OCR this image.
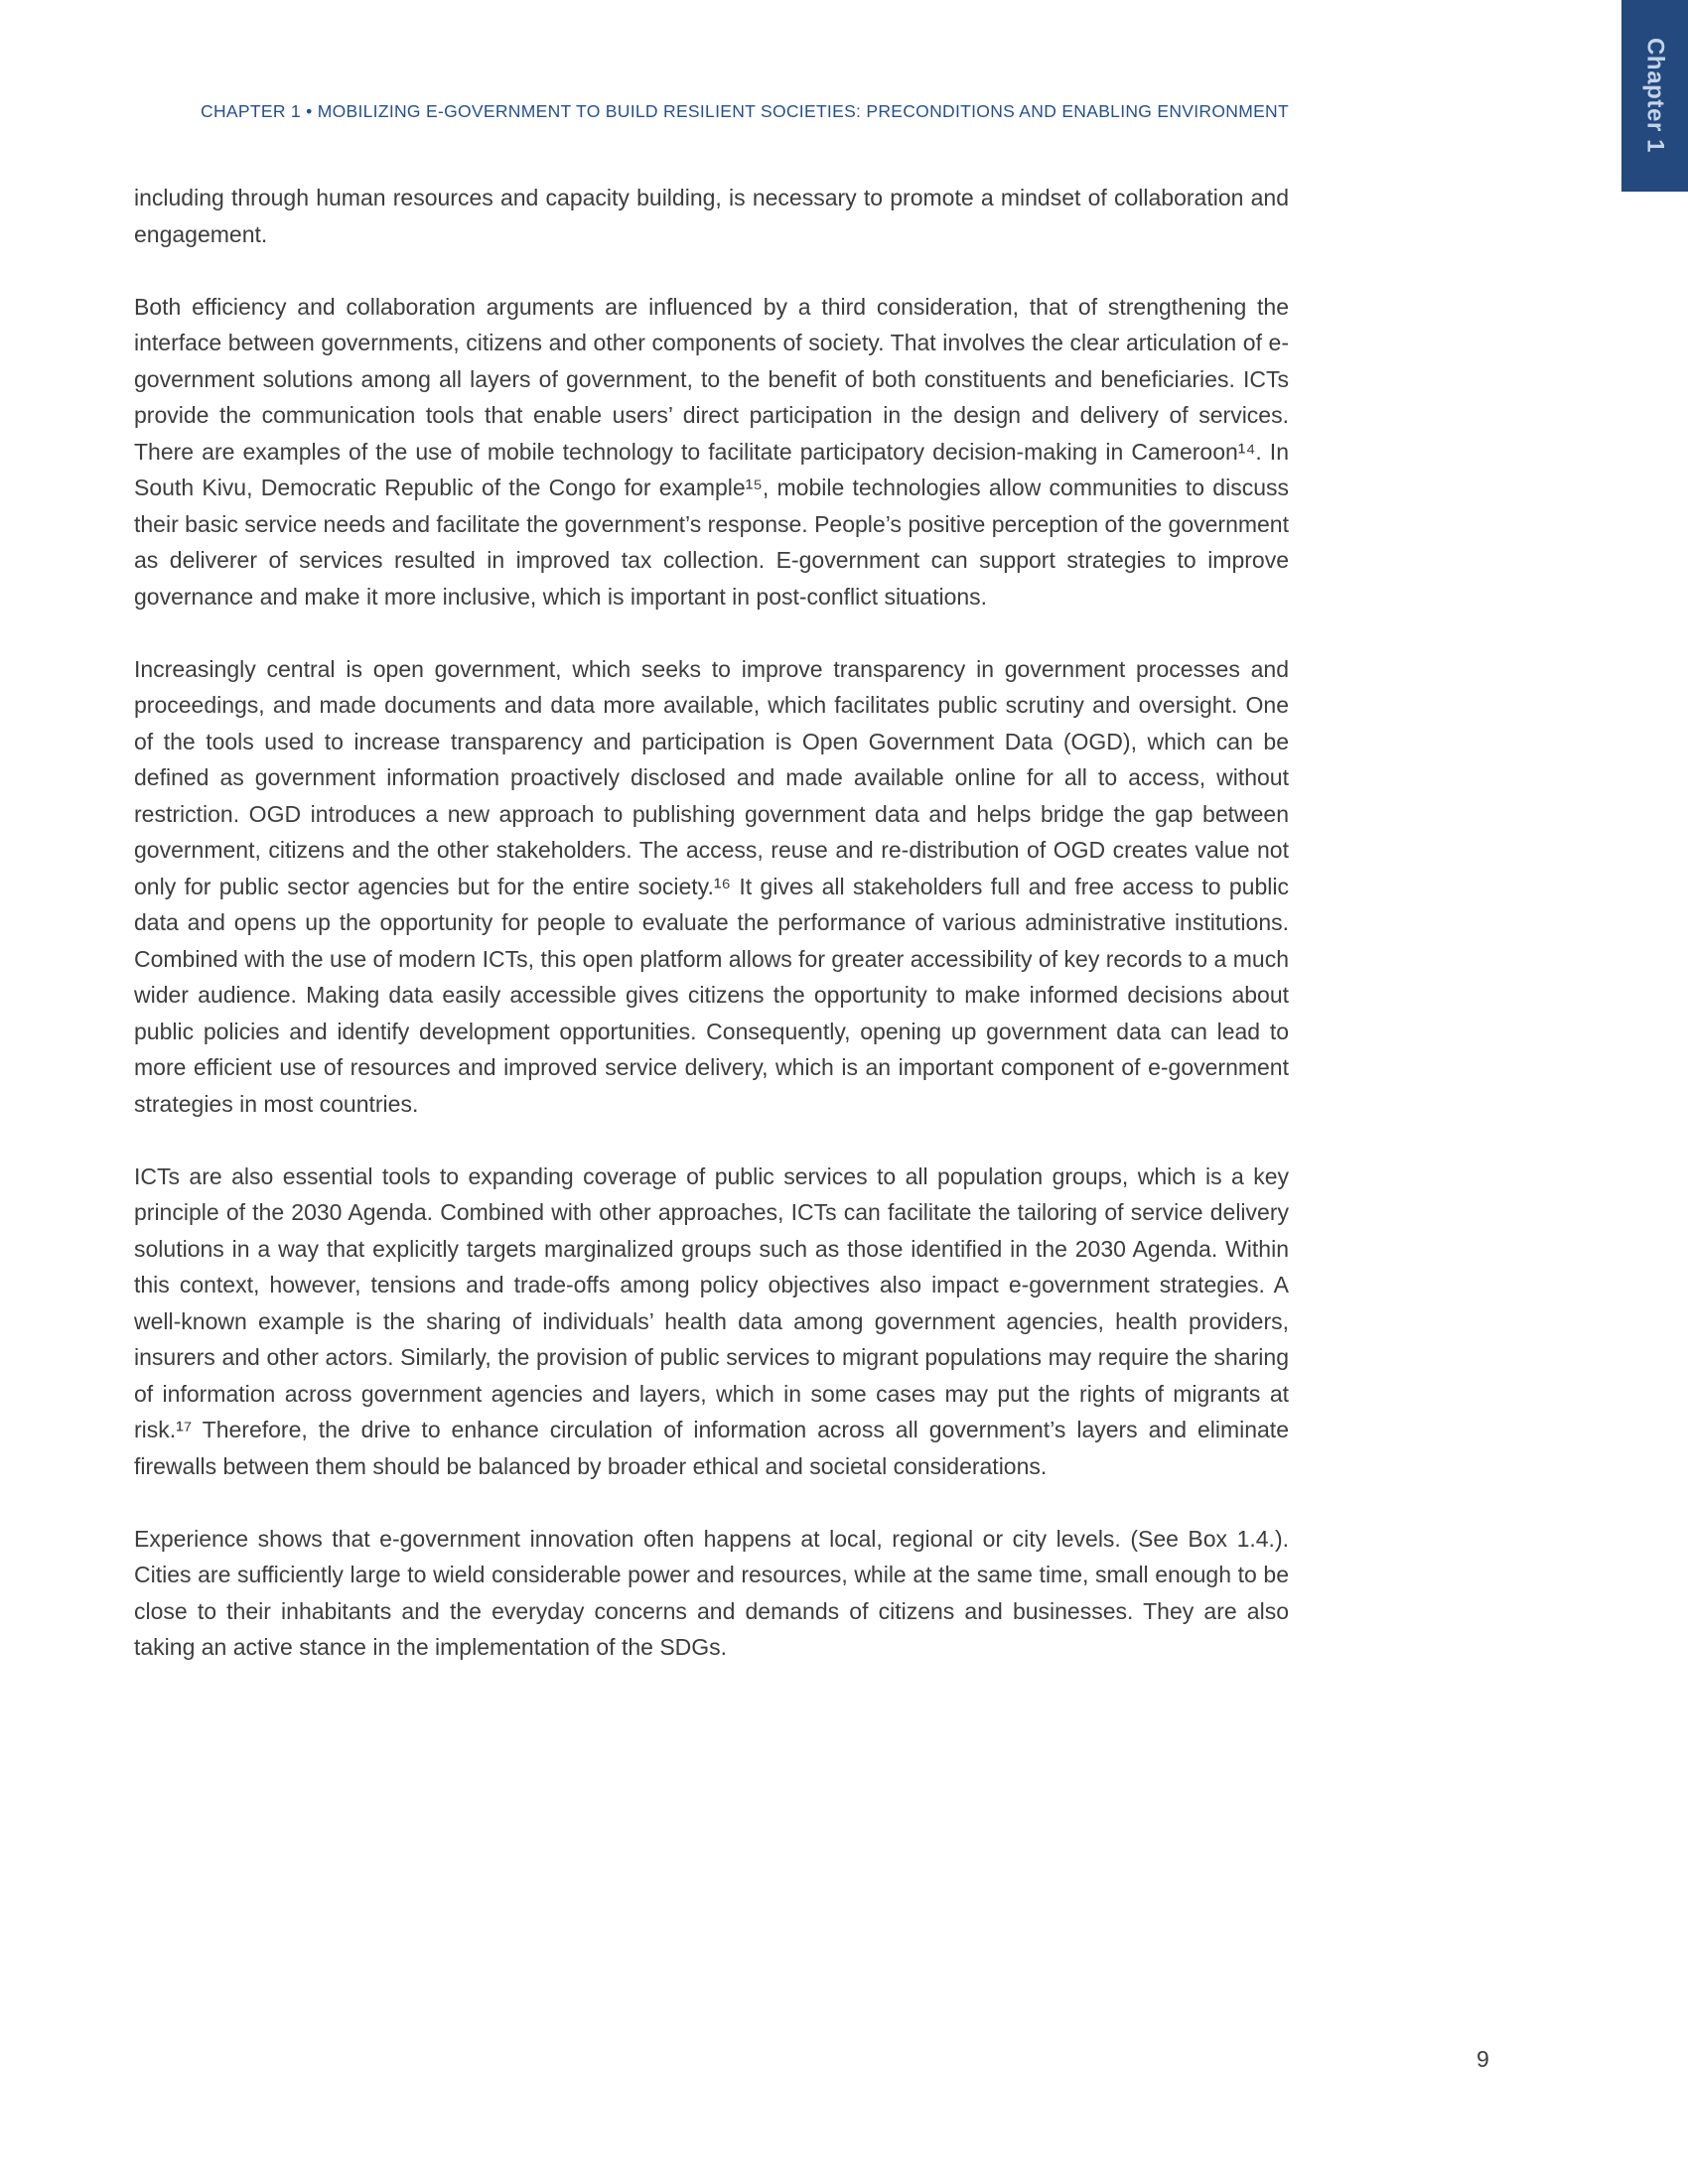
CHAPTER 1 • MOBILIZING E-GOVERNMENT TO BUILD RESILIENT SOCIETIES: PRECONDITIONS AND ENABLING ENVIRONMENT	Chapter 1

including through human resources and capacity building, is necessary to promote a mindset of collaboration and engagement.

Both efficiency and collaboration arguments are influenced by a third consideration, that of strengthening the interface between governments, citizens and other components of society. That involves the clear articulation of e-government solutions among all layers of government, to the benefit of both constituents and beneficiaries. ICTs provide the communication tools that enable users’ direct participation in the design and delivery of services. There are examples of the use of mobile technology to facilitate participatory decision-making in Cameroon¹⁴. In South Kivu, Democratic Republic of the Congo for example¹⁵, mobile technologies allow communities to discuss their basic service needs and facilitate the government’s response. People’s positive perception of the government as deliverer of services resulted in improved tax collection. E-government can support strategies to improve governance and make it more inclusive, which is important in post-conflict situations.

Increasingly central is open government, which seeks to improve transparency in government processes and proceedings, and made documents and data more available, which facilitates public scrutiny and oversight. One of the tools used to increase transparency and participation is Open Government Data (OGD), which can be defined as government information proactively disclosed and made available online for all to access, without restriction. OGD introduces a new approach to publishing government data and helps bridge the gap between government, citizens and the other stakeholders. The access, reuse and re-distribution of OGD creates value not only for public sector agencies but for the entire society.¹⁶ It gives all stakeholders full and free access to public data and opens up the opportunity for people to evaluate the performance of various administrative institutions. Combined with the use of modern ICTs, this open platform allows for greater accessibility of key records to a much wider audience. Making data easily accessible gives citizens the opportunity to make informed decisions about public policies and identify development opportunities. Consequently, opening up government data can lead to more efficient use of resources and improved service delivery, which is an important component of e-government strategies in most countries.

ICTs are also essential tools to expanding coverage of public services to all population groups, which is a key principle of the 2030 Agenda. Combined with other approaches, ICTs can facilitate the tailoring of service delivery solutions in a way that explicitly targets marginalized groups such as those identified in the 2030 Agenda. Within this context, however, tensions and trade-offs among policy objectives also impact e-government strategies. A well-known example is the sharing of individuals’ health data among government agencies, health providers, insurers and other actors. Similarly, the provision of public services to migrant populations may require the sharing of information across government agencies and layers, which in some cases may put the rights of migrants at risk.¹⁷ Therefore, the drive to enhance circulation of information across all government’s layers and eliminate firewalls between them should be balanced by broader ethical and societal considerations.

Experience shows that e-government innovation often happens at local, regional or city levels. (See Box 1.4.). Cities are sufficiently large to wield considerable power and resources, while at the same time, small enough to be close to their inhabitants and the everyday concerns and demands of citizens and businesses. They are also taking an active stance in the implementation of the SDGs.

9
